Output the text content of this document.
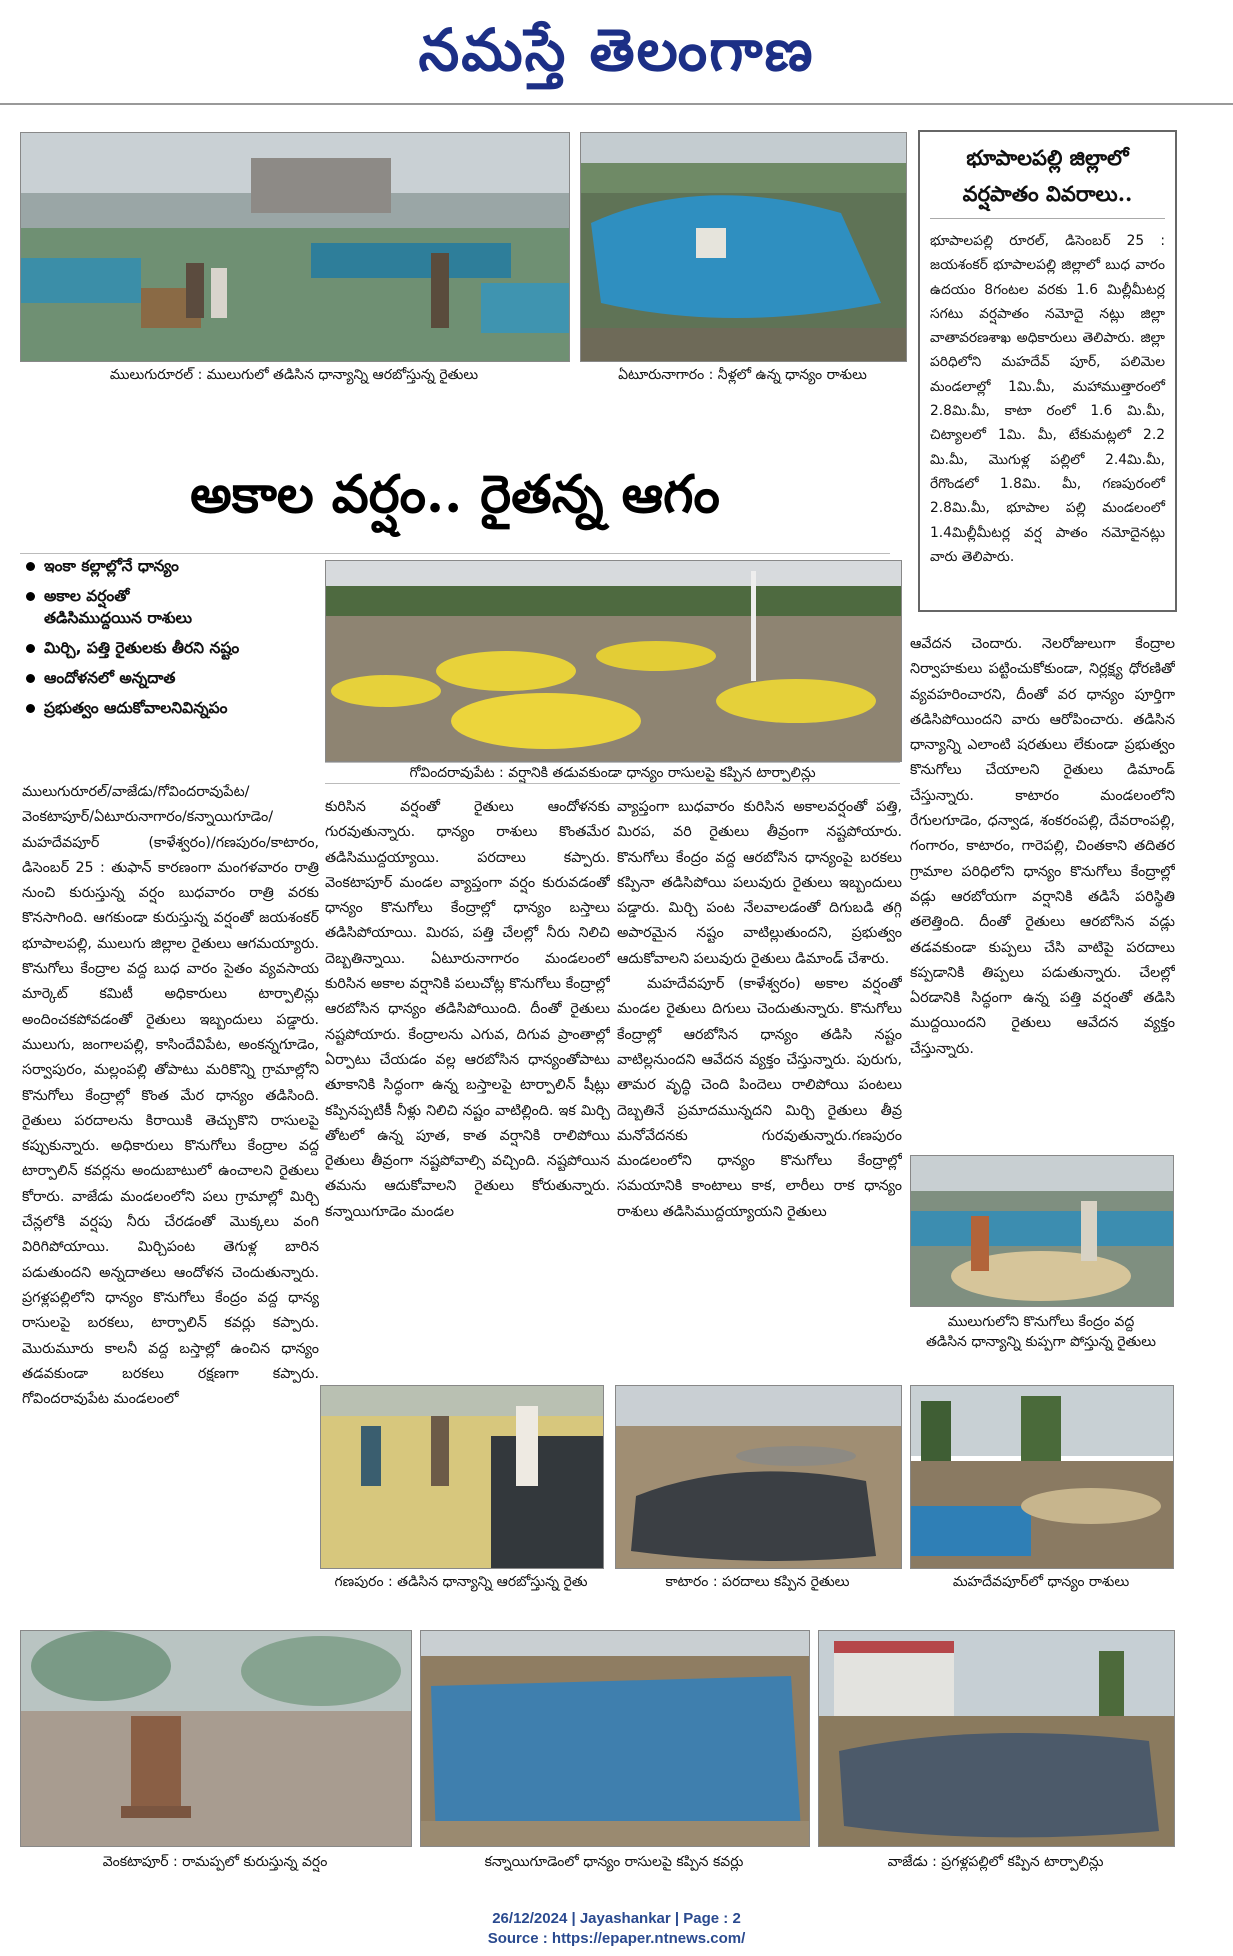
నమస్తే తెలంగాణ
ములుగురూరల్‌ : ములుగులో తడిసిన ధాన్యాన్ని ఆరబోస్తున్న రైతులు	ఏటూరునాగారం : నీళ్లలో ఉన్న ధాన్యం రాశులు
భూపాలపల్లి జిల్లాలో
వర్షపాతం వివరాలు..
భూపాలపల్లి రూరల్‌, డిసెంబర్‌ 25 : జయశంకర్‌ భూపాలపల్లి జిల్లాలో బుధ వారం ఉదయం 8గంటల వరకు 1.6 మిల్లీమీటర్ల సగటు వర్షపాతం నమోదై నట్లు జిల్లా వాతావరణశాఖ అధికారులు తెలిపారు. జిల్లా పరిధిలోని మహదేవ్‌ పూర్‌, పలిమెల మండలాల్లో 1మి.మీ, మహాముత్తారంలో 2.8మి.మీ, కాటా రంలో 1.6 మి.మీ, చిట్యాలలో 1మి. మీ, టేకుమట్లలో 2.2 మి.మీ, మొగుళ్ల పల్లిలో 2.4మి.మీ, రేగొండలో 1.8మి. మీ, గణపురంలో 2.8మి.మీ, భూపాల పల్లి మండలంలో 1.4మిల్లీమీటర్ల వర్ష పాతం నమోదైనట్లు వారు తెలిపారు.
అకాల వర్షం.. రైతన్న ఆగం
ఇంకా కల్లాల్లోనే ధాన్యం
అకాల వర్షంతో
తడిసిముద్దయిన రాశులు
మిర్చి, పత్తి రైతులకు తీరని నష్టం
ఆందోళనలో అన్నదాత
ప్రభుత్వం ఆదుకోవాలనివిన్నపం
గోవిందరావుపేట : వర్షానికి తడువకుండా ధాన్యం రాసులపై కప్పిన టార్పాలిన్లు

ములుగురూరల్‌/వాజేడు/గోవిందరావుపేట/ వెంకటాపూర్‌/ఏటూరునాగారం/కన్నాయిగూడెం/మహదేవపూర్‌ (కాళేశ్వరం)/గణపురం/కాటారం, డిసెంబర్‌ 25 : తుఫాన్‌ కారణంగా మంగళవారం రాత్రి నుంచి కురుస్తున్న వర్షం బుధవారం రాత్రి వరకు కొనసాగింది. ఆగకుండా కురుస్తున్న వర్షంతో జయశంకర్‌ భూపాలపల్లి, ములుగు జిల్లాల రైతులు ఆగమయ్యారు. కొనుగోలు కేంద్రాల వద్ద బుధ వారం సైతం వ్యవసాయ మార్కెట్‌ కమిటీ అధికారులు టార్పాలిన్లు అందించకపోవడంతో రైతులు ఇబ్బందులు పడ్డారు. ములుగు, జంగాలపల్లి, కాసిందేవిపేట, అంకన్నగూడెం, సర్వాపురం, మల్లంపల్లి తోపాటు మరికొన్ని గ్రామాల్లోని కొనుగోలు కేంద్రాల్లో కొంత మేర ధాన్యం తడిసింది. రైతులు పరదాలను కిరాయికి తెచ్చుకొని రాసులపై కప్పుకున్నారు. అధికారులు కొనుగోలు కేంద్రాల వద్ద టార్పాలిన్‌ కవర్లను అందుబాటులో ఉంచాలని రైతులు కోరారు. వాజేడు మండలంలోని పలు గ్రామాల్లో మిర్చి చేన్లలోకి వర్షపు నీరు చేరడంతో మొక్కలు వంగి విరిగిపోయాయి. మిర్చిపంట తెగుళ్ల బారిన పడుతుందని అన్నదాతలు ఆందోళన చెందుతున్నారు. ప్రగళ్లపల్లిలోని ధాన్యం కొనుగోలు కేంద్రం వద్ద ధాన్య రాసులపై బరకలు, టార్పాలిన్‌ కవర్లు కప్పారు. మొరుమూరు కాలనీ వద్ద బస్తాల్లో ఉంచిన ధాన్యం తడవకుండా బరకలు రక్షణగా కప్పారు. గోవిందరావుపేట మండలంలో

కురిసిన వర్షంతో రైతులు ఆందోళనకు గురవుతున్నారు. ధాన్యం రాశులు కొంతమేర తడిసిముద్దయ్యాయి. పరదాలు కప్పారు. వెంకటాపూర్‌ మండల వ్యాప్తంగా వర్షం కురువడంతో ధాన్యం కొనుగోలు కేంద్రాల్లో ధాన్యం బస్తాలు తడిసిపోయాయి. మిరప, పత్తి చేలల్లో నీరు నిలిచి దెబ్బతిన్నాయి. ఏటూరునాగారం మండలంలో కురిసిన అకాల వర్షానికి పలుచోట్ల కొనుగోలు కేంద్రాల్లో ఆరబోసిన ధాన్యం తడిసిపోయింది. దీంతో రైతులు నష్టపోయారు. కేంద్రాలను ఎగువ, దిగువ ప్రాంతాల్లో ఏర్పాటు చేయడం వల్ల ఆరబోసిన ధాన్యంతోపాటు తూకానికి సిద్ధంగా ఉన్న బస్తాలపై టార్పాలిన్‌ షీట్లు కప్పినప్పటికీ నీళ్లు నిలిచి నష్టం వాటిల్లింది. ఇక మిర్చి తోటలో ఉన్న పూత, కాత వర్షానికి రాలిపోయి రైతులు తీవ్రంగా నష్టపోవాల్సి వచ్చింది. నష్టపోయిన తమను ఆదుకోవాలని రైతులు కోరుతున్నారు. కన్నాయిగూడెం మండల

వ్యాప్తంగా బుధవారం కురిసిన అకాలవర్షంతో పత్తి, మిరప, వరి రైతులు తీవ్రంగా నష్టపోయారు. కొనుగోలు కేంద్రం వద్ద ఆరబోసిన ధాన్యంపై బరకలు కప్పినా తడిసిపోయి పలువురు రైతులు ఇబ్బందులు పడ్డారు. మిర్చి పంట నేలవాలడంతో దిగుబడి తగ్గి అపారమైన నష్టం వాటిల్లుతుందని, ప్రభుత్వం ఆదుకోవాలని పలువురు రైతులు డిమాండ్‌ చేశారు.

మహదేవపూర్‌ (కాళేశ్వరం) అకాల వర్షంతో మండల రైతులు దిగులు చెందుతున్నారు. కొనుగోలు కేంద్రాల్లో ఆరబోసిన ధాన్యం తడిసి నష్టం వాటిల్లనుందని ఆవేదన వ్యక్తం చేస్తున్నారు. పురుగు, తామర వృద్ధి చెంది పిందెలు రాలిపోయి పంటలు దెబ్బతినే ప్రమాదమున్నదని మిర్చి రైతులు తీవ్ర మనోవేదనకు గురవుతున్నారు.గణపురం మండలంలోని ధాన్యం కొనుగోలు కేంద్రాల్లో సమయానికి కాంటాలు కాక, లారీలు రాక ధాన్యం రాశులు తడిసిముద్దయ్యాయని రైతులు

ఆవేదన చెందారు. నెలరోజులుగా కేంద్రాల నిర్వాహకులు పట్టించుకోకుండా, నిర్లక్ష్య ధోరణితో వ్యవహరించారని, దీంతో వర ధాన్యం పూర్తిగా తడిసిపోయిందని వారు ఆరోపించారు. తడిసిన ధాన్యాన్ని ఎలాంటి షరతులు లేకుండా ప్రభుత్వం కొనుగోలు చేయాలని రైతులు డిమాండ్‌ చేస్తున్నారు. కాటారం మండలంలోని రేగులగూడెం, ధన్వాడ, శంకరంపల్లి, దేవరాంపల్లి, గంగారం, కాటారం, గారెపల్లి, చింతకాని తదితర గ్రామాల పరిధిలోని ధాన్యం కొనుగోలు కేంద్రాల్లో వడ్లు ఆరబోయగా వర్షానికి తడిసే పరిస్థితి తలెత్తింది. దీంతో రైతులు ఆరబోసిన వడ్లు తడవకుండా కుప్పలు చేసి వాటిపై పరదాలు కప్పడానికి తిప్పలు పడుతున్నారు. చేలల్లో ఏరడానికి సిద్ధంగా ఉన్న పత్తి వర్షంతో తడిసి ముద్దయిందని రైతులు ఆవేదన వ్యక్తం చేస్తున్నారు.

ములుగులోని కొనుగోలు కేంద్రం వద్ద
తడిసిన ధాన్యాన్ని కుప్పగా పోస్తున్న రైతులు
గణపురం : తడిసిన ధాన్యాన్ని ఆరబోస్తున్న రైతు	కాటారం : పరదాలు కప్పిన రైతులు	మహదేవపూర్‌లో ధాన్యం రాశులు
వెంకటాపూర్‌ : రామప్పలో కురుస్తున్న వర్షం	కన్నాయిగూడెంలో ధాన్యం రాసులపై కప్పిన కవర్లు	వాజేడు : ప్రగళ్లపల్లిలో కప్పిన టార్పాలిన్లు
26/12/2024 | Jayashankar | Page : 2
Source : https://epaper.ntnews.com/
